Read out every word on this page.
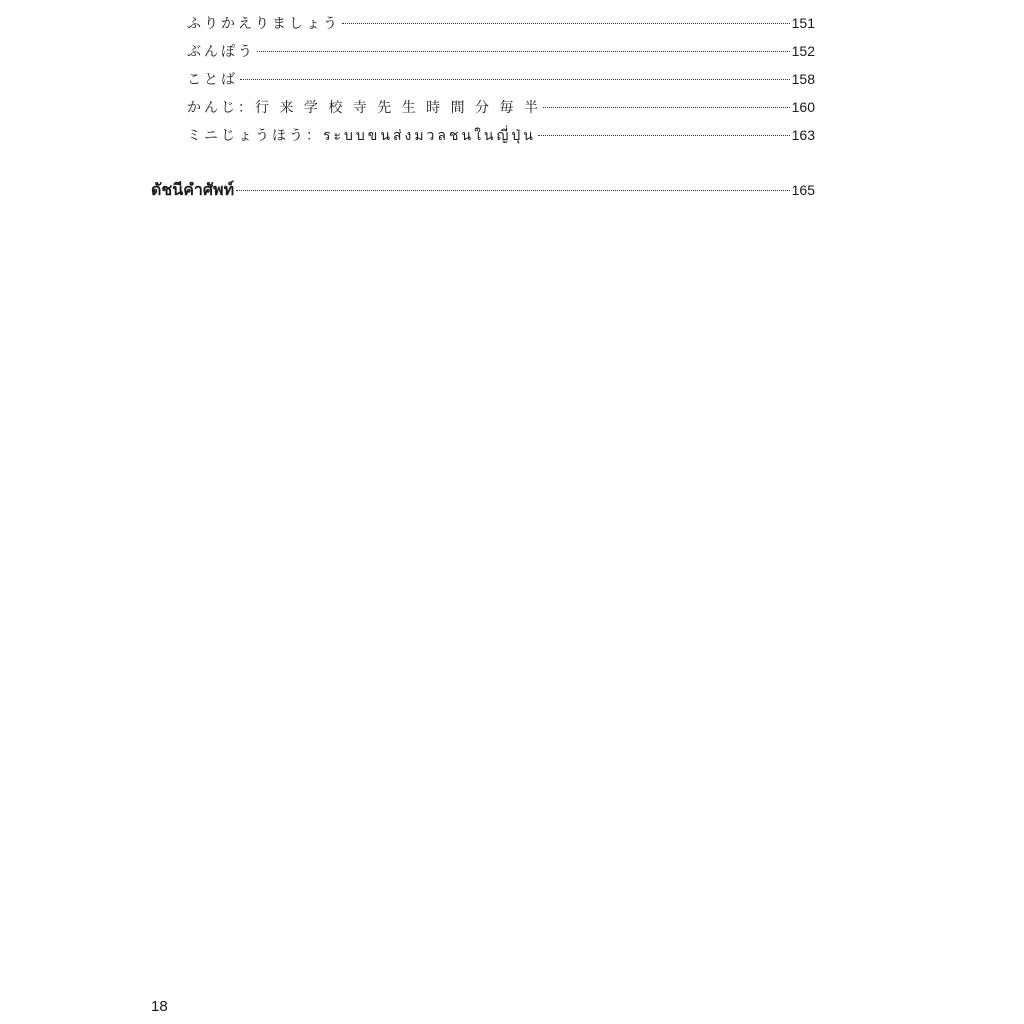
ふりかえりましょう	151
ぶんぽう	152
ことば	158
かんじ：行 来 学 校 寺 先 生 時 間 分 毎 半	160
ミニじょうほう：ระบบขนส่งมวลชนในญี่ปุ่น	163
ดัชนีคำศัพท์	165
18
